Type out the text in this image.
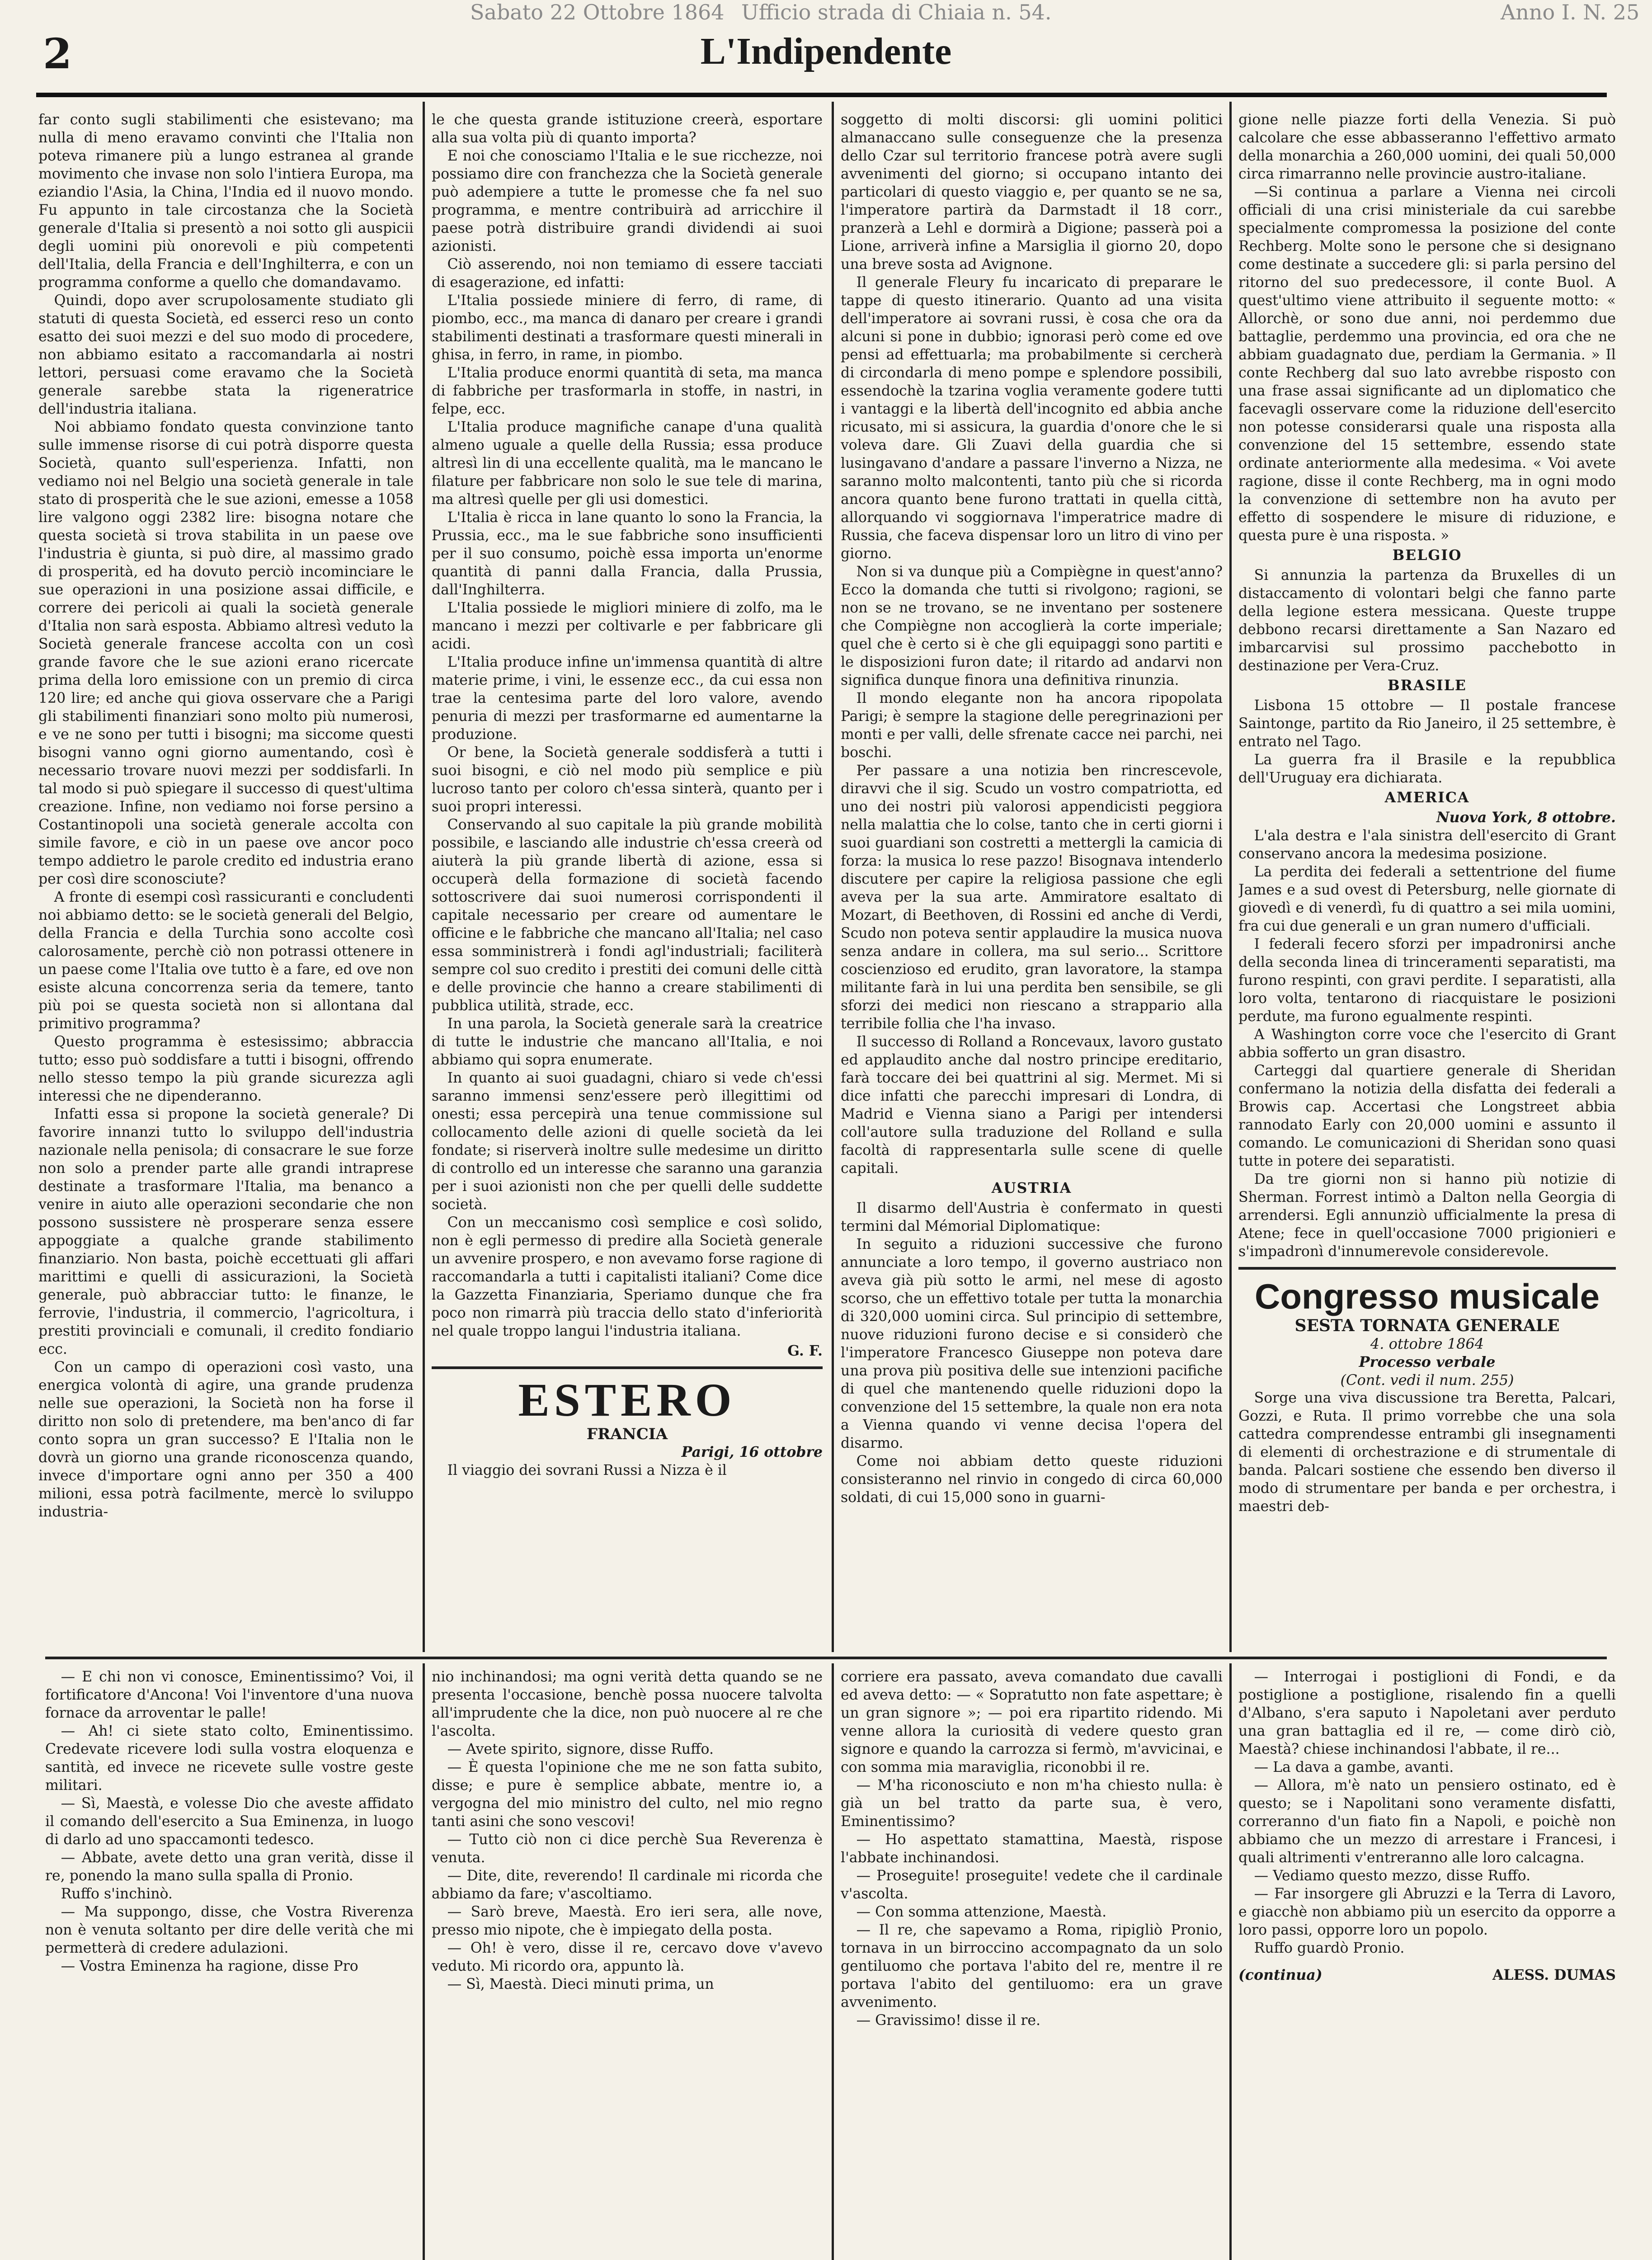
Sabato 22 Ottobre 1864 Ufficio strada di Chiaia n. 54.	Anno I. N. 25
2	L'Indipendente

far conto sugli stabilimenti che esistevano; ma nulla di meno eravamo convinti che l'Italia non poteva rimanere più a lungo estranea al grande movimento che invase non solo l'intiera Europa, ma eziandio l'Asia, la China, l'India ed il nuovo mondo. Fu appunto in tale circostanza che la Società generale d'Italia si presentò a noi sotto gli auspicii degli uomini più onorevoli e più competenti dell'Italia, della Francia e dell'Inghilterra, e con un programma conforme a quello che domandavamo.

Quindi, dopo aver scrupolosamente studiato gli statuti di questa Società, ed esserci reso un conto esatto dei suoi mezzi e del suo modo di procedere, non abbiamo esitato a raccomandarla ai nostri lettori, persuasi come eravamo che la Società generale sarebbe stata la rigeneratrice dell'industria italiana.

Noi abbiamo fondato questa convinzione tanto sulle immense risorse di cui potrà disporre questa Società, quanto sull'esperienza. Infatti, non vediamo noi nel Belgio una società generale in tale stato di prosperità che le sue azioni, emesse a 1058 lire valgono oggi 2382 lire: bisogna notare che questa società si trova stabilita in un paese ove l'industria è giunta, si può dire, al massimo grado di prosperità, ed ha dovuto perciò incominciare le sue operazioni in una posizione assai difficile, e correre dei pericoli ai quali la società generale d'Italia non sarà esposta. Abbiamo altresì veduto la Società generale francese accolta con un così grande favore che le sue azioni erano ricercate prima della loro emissione con un premio di circa 120 lire; ed anche qui giova osservare che a Parigi gli stabilimenti finanziari sono molto più numerosi, e ve ne sono per tutti i bisogni; ma siccome questi bisogni vanno ogni giorno aumentando, così è necessario trovare nuovi mezzi per soddisfarli. In tal modo si può spiegare il successo di quest'ultima creazione. Infine, non vediamo noi forse persino a Costantinopoli una società generale accolta con simile favore, e ciò in un paese ove ancor poco tempo addietro le parole credito ed industria erano per così dire sconosciute?

A fronte di esempi così rassicuranti e concludenti noi abbiamo detto: se le società generali del Belgio, della Francia e della Turchia sono accolte così calorosamente, perchè ciò non potrassi ottenere in un paese come l'Italia ove tutto è a fare, ed ove non esiste alcuna concorrenza seria da temere, tanto più poi se questa società non si allontana dal primitivo programma?

Questo programma è estesissimo; abbraccia tutto; esso può soddisfare a tutti i bisogni, offrendo nello stesso tempo la più grande sicurezza agli interessi che ne dipenderanno.

Infatti essa si propone la società generale? Di favorire innanzi tutto lo sviluppo dell'industria nazionale nella penisola; di consacrare le sue forze non solo a prender parte alle grandi intraprese destinate a trasformare l'Italia, ma benanco a venire in aiuto alle operazioni secondarie che non possono sussistere nè prosperare senza essere appoggiate a qualche grande stabilimento finanziario. Non basta, poichè eccettuati gli affari marittimi e quelli di assicurazioni, la Società generale, può abbracciar tutto: le finanze, le ferrovie, l'industria, il commercio, l'agricoltura, i prestiti provinciali e comunali, il credito fondiario ecc.

Con un campo di operazioni così vasto, una energica volontà di agire, una grande prudenza nelle sue operazioni, la Società non ha forse il diritto non solo di pretendere, ma ben'anco di far conto sopra un gran successo? E l'Italia non le dovrà un giorno una grande riconoscenza quando, invece d'importare ogni anno per 350 a 400 milioni, essa potrà facilmente, mercè lo sviluppo industria-

le che questa grande istituzione creerà, esportare alla sua volta più di quanto importa?

E noi che conosciamo l'Italia e le sue ricchezze, noi possiamo dire con franchezza che la Società generale può adempiere a tutte le promesse che fa nel suo programma, e mentre contribuirà ad arricchire il paese potrà distribuire grandi dividendi ai suoi azionisti.

Ciò asserendo, noi non temiamo di essere tacciati di esagerazione, ed infatti:

L'Italia possiede miniere di ferro, di rame, di piombo, ecc., ma manca di danaro per creare i grandi stabilimenti destinati a trasformare questi minerali in ghisa, in ferro, in rame, in piombo.

L'Italia produce enormi quantità di seta, ma manca di fabbriche per trasformarla in stoffe, in nastri, in felpe, ecc.

L'Italia produce magnifiche canape d'una qualità almeno uguale a quelle della Russia; essa produce altresì lin di una eccellente qualità, ma le mancano le filature per fabbricare non solo le sue tele di marina, ma altresì quelle per gli usi domestici.

L'Italia è ricca in lane quanto lo sono la Francia, la Prussia, ecc., ma le sue fabbriche sono insufficienti per il suo consumo, poichè essa importa un'enorme quantità di panni dalla Francia, dalla Prussia, dall'Inghilterra.

L'Italia possiede le migliori miniere di zolfo, ma le mancano i mezzi per coltivarle e per fabbricare gli acidi.

L'Italia produce infine un'immensa quantità di altre materie prime, i vini, le essenze ecc., da cui essa non trae la centesima parte del loro valore, avendo penuria di mezzi per trasformarne ed aumentarne la produzione.

Or bene, la Società generale soddisferà a tutti i suoi bisogni, e ciò nel modo più semplice e più lucroso tanto per coloro ch'essa sinterà, quanto per i suoi propri interessi.

Conservando al suo capitale la più grande mobilità possibile, e lasciando alle industrie ch'essa creerà od aiuterà la più grande libertà di azione, essa si occuperà della formazione di società facendo sottoscrivere dai suoi numerosi corrispondenti il capitale necessario per creare od aumentare le officine e le fabbriche che mancano all'Italia; nel caso essa somministrerà i fondi agl'industriali; faciliterà sempre col suo credito i prestiti dei comuni delle città e delle provincie che hanno a creare stabilimenti di pubblica utilità, strade, ecc.

In una parola, la Società generale sarà la creatrice di tutte le industrie che mancano all'Italia, e noi abbiamo qui sopra enumerate.

In quanto ai suoi guadagni, chiaro si vede ch'essi saranno immensi senz'essere però illegittimi od onesti; essa percepirà una tenue commissione sul collocamento delle azioni di quelle società da lei fondate; si riserverà inoltre sulle medesime un diritto di controllo ed un interesse che saranno una garanzia per i suoi azionisti non che per quelli delle suddette società.

Con un meccanismo così semplice e così solido, non è egli permesso di predire alla Società generale un avvenire prospero, e non avevamo forse ragione di raccomandarla a tutti i capitalisti italiani? Come dice la Gazzetta Finanziaria, Speriamo dunque che fra poco non rimarrà più traccia dello stato d'inferiorità nel quale troppo langui l'industria italiana.

G. F.
ESTERO
FRANCIA
Parigi, 16 ottobre

Il viaggio dei sovrani Russi a Nizza è il

soggetto di molti discorsi: gli uomini politici almanaccano sulle conseguenze che la presenza dello Czar sul territorio francese potrà avere sugli avvenimenti del giorno; si occupano intanto dei particolari di questo viaggio e, per quanto se ne sa, l'imperatore partirà da Darmstadt il 18 corr., pranzerà a Lehl e dormirà a Digione; passerà poi a Lione, arriverà infine a Marsiglia il giorno 20, dopo una breve sosta ad Avignone.

Il generale Fleury fu incaricato di preparare le tappe di questo itinerario. Quanto ad una visita dell'imperatore ai sovrani russi, è cosa che ora da alcuni si pone in dubbio; ignorasi però come ed ove pensi ad effettuarla; ma probabilmente si cercherà di circondarla di meno pompe e splendore possibili, essendochè la tzarina voglia veramente godere tutti i vantaggi e la libertà dell'incognito ed abbia anche ricusato, mi si assicura, la guardia d'onore che le si voleva dare. Gli Zuavi della guardia che si lusingavano d'andare a passare l'inverno a Nizza, ne saranno molto malcontenti, tanto più che si ricorda ancora quanto bene furono trattati in quella città, allorquando vi soggiornava l'imperatrice madre di Russia, che faceva dispensar loro un litro di vino per giorno.

Non si va dunque più a Compiègne in quest'anno? Ecco la domanda che tutti si rivolgono; ragioni, se non se ne trovano, se ne inventano per sostenere che Compiègne non accoglierà la corte imperiale; quel che è certo si è che gli equipaggi sono partiti e le disposizioni furon date; il ritardo ad andarvi non significa dunque finora una definitiva rinunzia.

Il mondo elegante non ha ancora ripopolata Parigi; è sempre la stagione delle peregrinazioni per monti e per valli, delle sfrenate cacce nei parchi, nei boschi.

Per passare a una notizia ben rincrescevole, diravvi che il sig. Scudo un vostro compatriotta, ed uno dei nostri più valorosi appendicisti peggiora nella malattia che lo colse, tanto che in certi giorni i suoi guardiani son costretti a mettergli la camicia di forza: la musica lo rese pazzo! Bisognava intenderlo discutere per capire la religiosa passione che egli aveva per la sua arte. Ammiratore esaltato di Mozart, di Beethoven, di Rossini ed anche di Verdi, Scudo non poteva sentir applaudire la musica nuova senza andare in collera, ma sul serio... Scrittore coscienzioso ed erudito, gran lavoratore, la stampa militante farà in lui una perdita ben sensibile, se gli sforzi dei medici non riescano a strappario alla terribile follia che l'ha invaso.

Il successo di Rolland a Roncevaux, lavoro gustato ed applaudito anche dal nostro principe ereditario, farà toccare dei bei quattrini al sig. Mermet. Mi si dice infatti che parecchi impresari di Londra, di Madrid e Vienna siano a Parigi per intendersi coll'autore sulla traduzione del Rolland e sulla facoltà di rappresentarla sulle scene di quelle capitali.

AUSTRIA

Il disarmo dell'Austria è confermato in questi termini dal Mémorial Diplomatique:

In seguito a riduzioni successive che furono annunciate a loro tempo, il governo austriaco non aveva già più sotto le armi, nel mese di agosto scorso, che un effettivo totale per tutta la monarchia di 320,000 uomini circa. Sul principio di settembre, nuove riduzioni furono decise e si considerò che l'imperatore Francesco Giuseppe non poteva dare una prova più positiva delle sue intenzioni pacifiche di quel che mantenendo quelle riduzioni dopo la convenzione del 15 settembre, la quale non era nota a Vienna quando vi venne decisa l'opera del disarmo.

Come noi abbiam detto queste riduzioni consisteranno nel rinvio in congedo di circa 60,000 soldati, di cui 15,000 sono in guarni-

gione nelle piazze forti della Venezia. Si può calcolare che esse abbasseranno l'effettivo armato della monarchia a 260,000 uomini, dei quali 50,000 circa rimarranno nelle provincie austro-italiane.

—Si continua a parlare a Vienna nei circoli officiali di una crisi ministeriale da cui sarebbe specialmente compromessa la posizione del conte Rechberg. Molte sono le persone che si designano come destinate a succedere gli: si parla persino del ritorno del suo predecessore, il conte Buol. A quest'ultimo viene attribuito il seguente motto: « Allorchè, or sono due anni, noi perdemmo due battaglie, perdemmo una provincia, ed ora che ne abbiam guadagnato due, perdiam la Germania. » Il conte Rechberg dal suo lato avrebbe risposto con una frase assai significante ad un diplomatico che facevagli osservare come la riduzione dell'esercito non potesse considerarsi quale una risposta alla convenzione del 15 settembre, essendo state ordinate anteriormente alla medesima. « Voi avete ragione, disse il conte Rechberg, ma in ogni modo la convenzione di settembre non ha avuto per effetto di sospendere le misure di riduzione, e questa pure è una risposta. »

BELGIO

Si annunzia la partenza da Bruxelles di un distaccamento di volontari belgi che fanno parte della legione estera messicana. Queste truppe debbono recarsi direttamente a San Nazaro ed imbarcarvisi sul prossimo pacchebotto in destinazione per Vera-Cruz.

BRASILE

Lisbona 15 ottobre — Il postale francese Saintonge, partito da Rio Janeiro, il 25 settembre, è entrato nel Tago.

La guerra fra il Brasile e la repubblica dell'Uruguay era dichiarata.

AMERICA
Nuova York, 8 ottobre.

L'ala destra e l'ala sinistra dell'esercito di Grant conservano ancora la medesima posizione.

La perdita dei federali a settentrione del fiume James e a sud ovest di Petersburg, nelle giornate di giovedì e di venerdì, fu di quattro a sei mila uomini, fra cui due generali e un gran numero d'ufficiali.

I federali fecero sforzi per impadronirsi anche della seconda linea di trinceramenti separatisti, ma furono respinti, con gravi perdite. I separatisti, alla loro volta, tentarono di riacquistare le posizioni perdute, ma furono egualmente respinti.

A Washington corre voce che l'esercito di Grant abbia sofferto un gran disastro.

Carteggi dal quartiere generale di Sheridan confermano la notizia della disfatta dei federali a Browis cap. Accertasi che Longstreet abbia rannodato Early con 20,000 uomini e assunto il comando. Le comunicazioni di Sheridan sono quasi tutte in potere dei separatisti.

Da tre giorni non si hanno più notizie di Sherman. Forrest intimò a Dalton nella Georgia di arrendersi. Egli annunziò ufficialmente la presa di Atene; fece in quell'occasione 7000 prigionieri e s'impadronì d'innumerevole considerevole.

Congresso musicale
SESTA TORNATA GENERALE
4. ottobre 1864
Processo verbale
(Cont. vedi il num. 255)

Sorge una viva discussione tra Beretta, Palcari, Gozzi, e Ruta. Il primo vorrebbe che una sola cattedra comprendesse entrambi gli insegnamenti di elementi di orchestrazione e di strumentale di banda. Palcari sostiene che essendo ben diverso il modo di strumentare per banda e per orchestra, i maestri deb-

— E chi non vi conosce, Eminentissimo? Voi, il fortificatore d'Ancona! Voi l'inventore d'una nuova fornace da arroventar le palle!

— Ah! ci siete stato colto, Eminentissimo. Credevate ricevere lodi sulla vostra eloquenza e santità, ed invece ne ricevete sulle vostre geste militari.

— Sì, Maestà, e volesse Dio che aveste affidato il comando dell'esercito a Sua Eminenza, in luogo di darlo ad uno spaccamonti tedesco.

— Abbate, avete detto una gran verità, disse il re, ponendo la mano sulla spalla di Pronio.

Ruffo s'inchinò.

— Ma suppongo, disse, che Vostra Riverenza non è venuta soltanto per dire delle verità che mi permetterà di credere adulazioni.

— Vostra Eminenza ha ragione, disse Pro

nio inchinandosi; ma ogni verità detta quando se ne presenta l'occasione, benchè possa nuocere talvolta all'imprudente che la dice, non può nuocere al re che l'ascolta.

— Avete spirito, signore, disse Ruffo.

— È questa l'opinione che me ne son fatta subito, disse; e pure è semplice abbate, mentre io, a vergogna del mio ministro del culto, nel mio regno tanti asini che sono vescovi!

— Tutto ciò non ci dice perchè Sua Reverenza è venuta.

— Dite, dite, reverendo! Il cardinale mi ricorda che abbiamo da fare; v'ascoltiamo.

— Sarò breve, Maestà. Ero ieri sera, alle nove, presso mio nipote, che è impiegato della posta.

— Oh! è vero, disse il re, cercavo dove v'avevo veduto. Mi ricordo ora, appunto là.

— Sì, Maestà. Dieci minuti prima, un

corriere era passato, aveva comandato due cavalli ed aveva detto: — « Sopratutto non fate aspettare; è un gran signore »; — poi era ripartito ridendo. Mi venne allora la curiosità di vedere questo gran signore e quando la carrozza si fermò, m'avvicinai, e con somma mia maraviglia, riconobbi il re.

— M'ha riconosciuto e non m'ha chiesto nulla: è già un bel tratto da parte sua, è vero, Eminentissimo?

— Ho aspettato stamattina, Maestà, rispose l'abbate inchinandosi.

— Proseguite! proseguite! vedete che il cardinale v'ascolta.

— Con somma attenzione, Maestà.

— Il re, che sapevamo a Roma, ripigliò Pronio, tornava in un birroccino accompagnato da un solo gentiluomo che portava l'abito del re, mentre il re portava l'abito del gentiluomo: era un grave avvenimento.

— Gravissimo! disse il re.

— Interrogai i postiglioni di Fondi, e da postiglione a postiglione, risalendo fin a quelli d'Albano, s'era saputo i Napoletani aver perduto una gran battaglia ed il re, — come dirò ciò, Maestà? chiese inchinandosi l'abbate, il re...

— La dava a gambe, avanti.

— Allora, m'è nato un pensiero ostinato, ed è questo; se i Napolitani sono veramente disfatti, correranno d'un fiato fin a Napoli, e poichè non abbiamo che un mezzo di arrestare i Francesi, i quali altrimenti v'entreranno alle loro calcagna.

— Vediamo questo mezzo, disse Ruffo.

— Far insorgere gli Abruzzi e la Terra di Lavoro, e giacchè non abbiamo più un esercito da opporre a loro passi, opporre loro un popolo.

Ruffo guardò Pronio.

(continua)	ALESS. DUMAS
